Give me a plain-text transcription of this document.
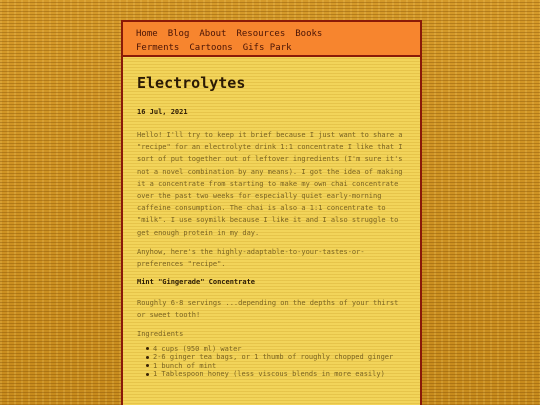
Home Blog About Resources Books
Ferments Cartoons Gifs Park
Electrolytes
16 Jul, 2021

Hello! I'll try to keep it brief because I just want to share a "recipe" for an electrolyte drink 1:1 concentrate I like that I sort of put together out of leftover ingredients (I'm sure it's not a novel combination by any means). I got the idea of making it a concentrate from starting to make my own chai concentrate over the past two weeks for especially quiet early-morning caffeine consumption. The chai is also a 1:1 concentrate to "milk". I use soymilk because I like it and I also struggle to get enough protein in my day.

Anyhow, here's the highly-adaptable-to-your-tastes-or-preferences "recipe".

Mint "Gingerade" Concentrate

Roughly 6-8 servings ...depending on the depths of your thirst or sweet tooth!

Ingredients
4 cups (950 ml) water
2-6 ginger tea bags, or 1 thumb of roughly chopped ginger
1 bunch of mint
1 Tablespoon honey (less viscous blends in more easily)
